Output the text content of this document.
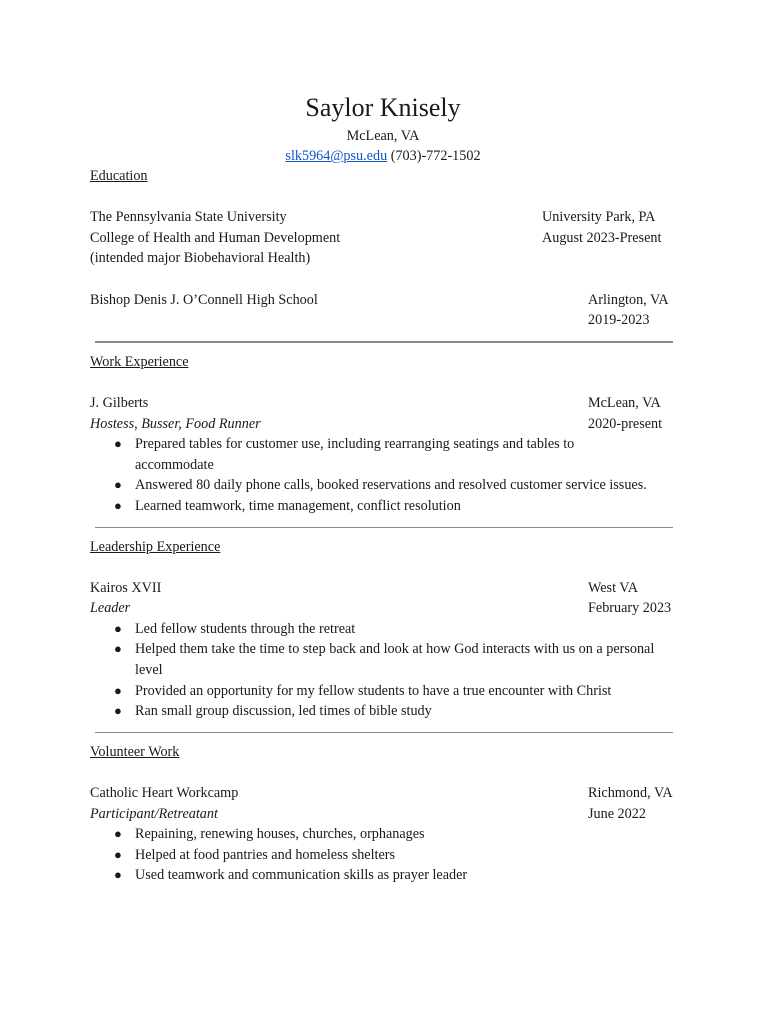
Saylor Knisely

McLean, VA

slk5964@psu.edu (703)-772-1502

Education

The Pennsylvania State University	University Park, PA
College of Health and Human Development	August 2023-Present
(intended major Biobehavioral Health)
Bishop Denis J. O’Connell High School	Arlington, VA
2019-2023

Work Experience

J. Gilberts	McLean, VA
Hostess, Busser, Food Runner	2020-present
● Prepared tables for customer use, including rearranging seatings and tables to accommodate
● Answered 80 daily phone calls, booked reservations and resolved customer service issues.
● Learned teamwork, time management, conflict resolution

Leadership Experience

Kairos XVII	West VA
Leader	February 2023
● Led fellow students through the retreat
● Helped them take the time to step back and look at how God interacts with us on a personal level
● Provided an opportunity for my fellow students to have a true encounter with Christ
● Ran small group discussion, led times of bible study

Volunteer Work

Catholic Heart Workcamp	Richmond, VA
Participant/Retreatant	June 2022
● Repaining, renewing houses, churches, orphanages
● Helped at food pantries and homeless shelters
● Used teamwork and communication skills as prayer leader
